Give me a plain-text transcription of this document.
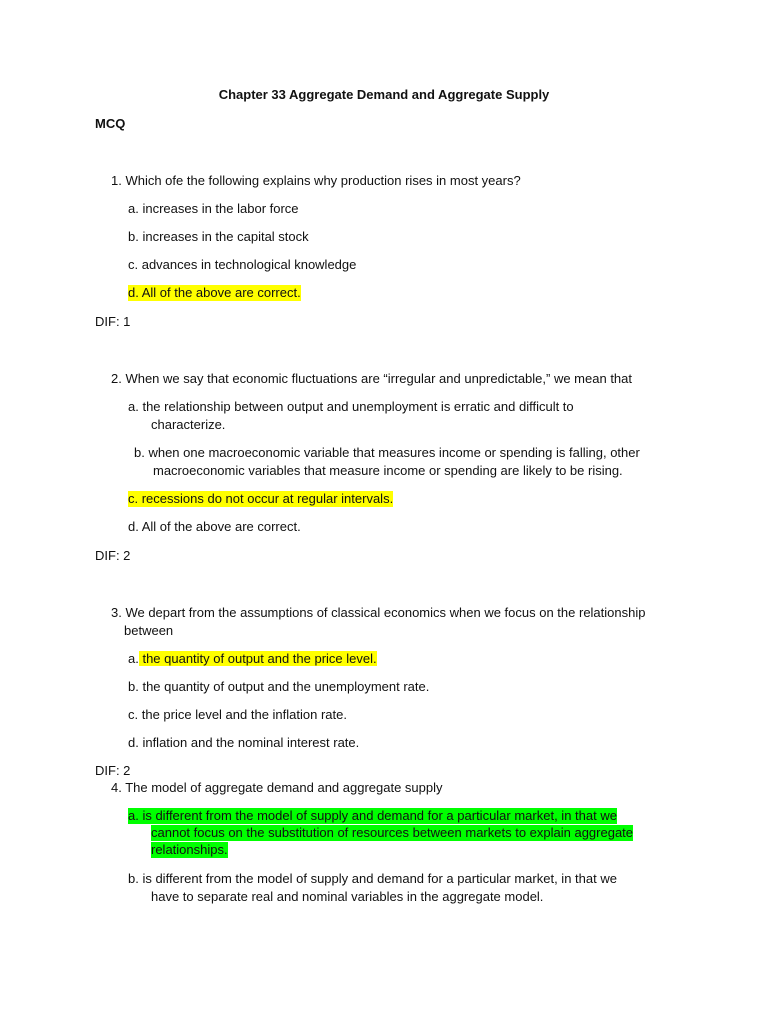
Chapter 33 Aggregate Demand and Aggregate Supply
MCQ
1. Which ofe the following explains why production rises in most years?
a. increases in the labor force
b. increases in the capital stock
c. advances in technological knowledge
d. All of the above are correct.
DIF: 1
2. When we say that economic fluctuations are “irregular and unpredictable,” we mean that
a. the relationship between output and unemployment is erratic and difficult to
characterize.
b. when one macroeconomic variable that measures income or spending is falling, other
macroeconomic variables that measure income or spending are likely to be rising.
c. recessions do not occur at regular intervals.
d. All of the above are correct.
DIF: 2
3. We depart from the assumptions of classical economics when we focus on the relationship
between
a. the quantity of output and the price level.
b. the quantity of output and the unemployment rate.
c. the price level and the inflation rate.
d. inflation and the nominal interest rate.
DIF: 2
4. The model of aggregate demand and aggregate supply
a. is different from the model of supply and demand for a particular market, in that we
cannot focus on the substitution of resources between markets to explain aggregate
relationships.
b. is different from the model of supply and demand for a particular market, in that we
have to separate real and nominal variables in the aggregate model.
